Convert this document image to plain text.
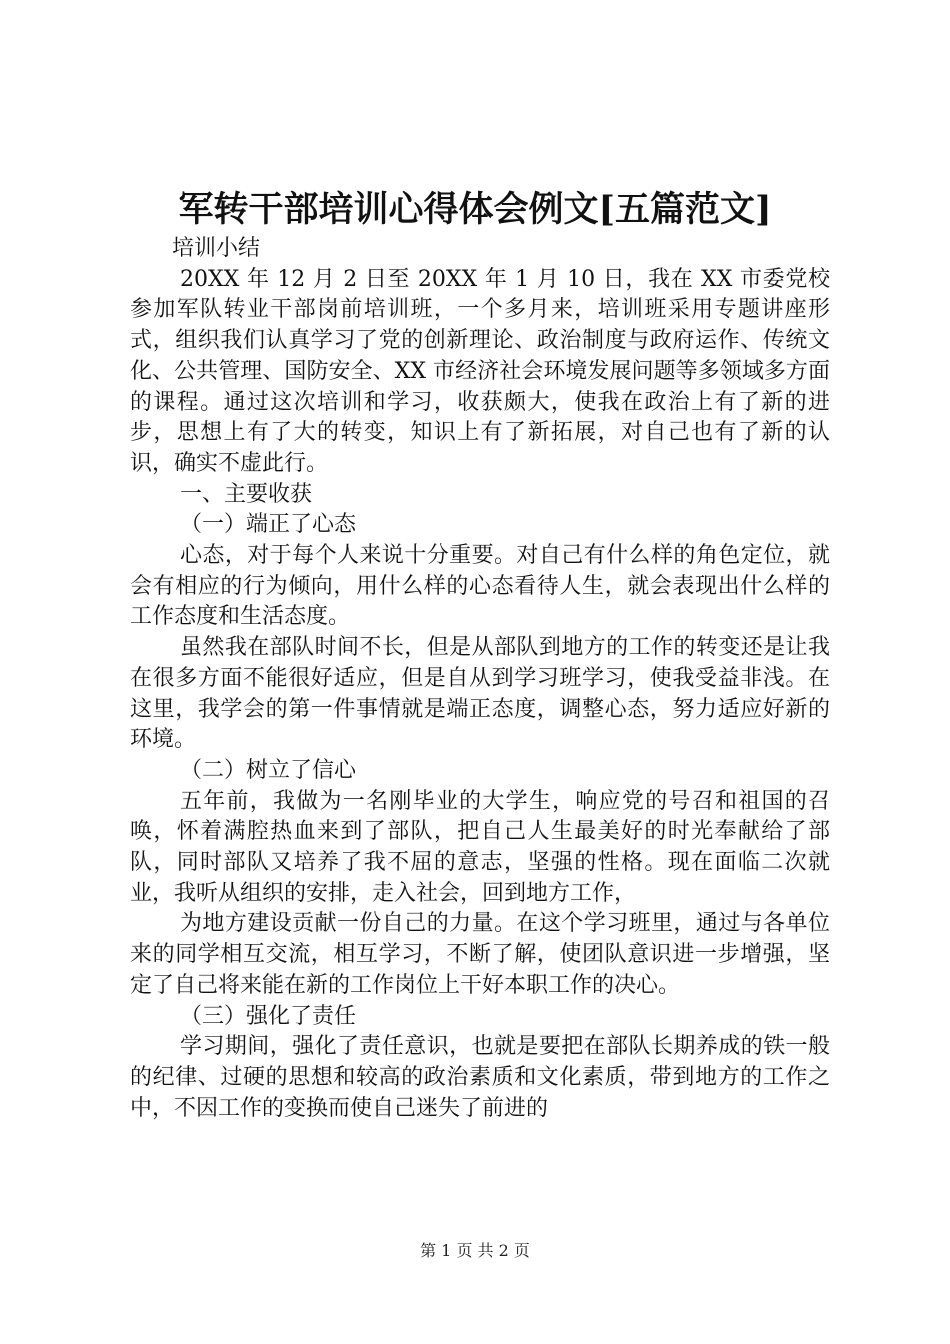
军转干部培训心得体会例文[五篇范文]

培训小结

20XX 年 12 月 2 日至 20XX 年 1 月 10 日，我在 XX 市委党校参加军队转业干部岗前培训班，一个多月来，培训班采用专题讲座形式，组织我们认真学习了党的创新理论、政治制度与政府运作、传统文化、公共管理、国防安全、XX 市经济社会环境发展问题等多领域多方面的课程。通过这次培训和学习，收获颇大，使我在政治上有了新的进步，思想上有了大的转变，知识上有了新拓展，对自己也有了新的认识，确实不虚此行。

一、主要收获

（一）端正了心态

心态，对于每个人来说十分重要。对自己有什么样的角色定位，就会有相应的行为倾向，用什么样的心态看待人生，就会表现出什么样的工作态度和生活态度。

虽然我在部队时间不长，但是从部队到地方的工作的转变还是让我在很多方面不能很好适应，但是自从到学习班学习，使我受益非浅。在这里，我学会的第一件事情就是端正态度，调整心态，努力适应好新的环境。

（二）树立了信心

五年前，我做为一名刚毕业的大学生，响应党的号召和祖国的召唤，怀着满腔热血来到了部队，把自己人生最美好的时光奉献给了部队，同时部队又培养了我不屈的意志，坚强的性格。现在面临二次就业，我听从组织的安排，走入社会，回到地方工作，

为地方建设贡献一份自己的力量。在这个学习班里，通过与各单位来的同学相互交流，相互学习，不断了解，使团队意识进一步增强，坚定了自己将来能在新的工作岗位上干好本职工作的决心。

（三）强化了责任

学习期间，强化了责任意识，也就是要把在部队长期养成的铁一般的纪律、过硬的思想和较高的政治素质和文化素质，带到地方的工作之中，不因工作的变换而使自己迷失了前进的

第 1 页 共 2 页
